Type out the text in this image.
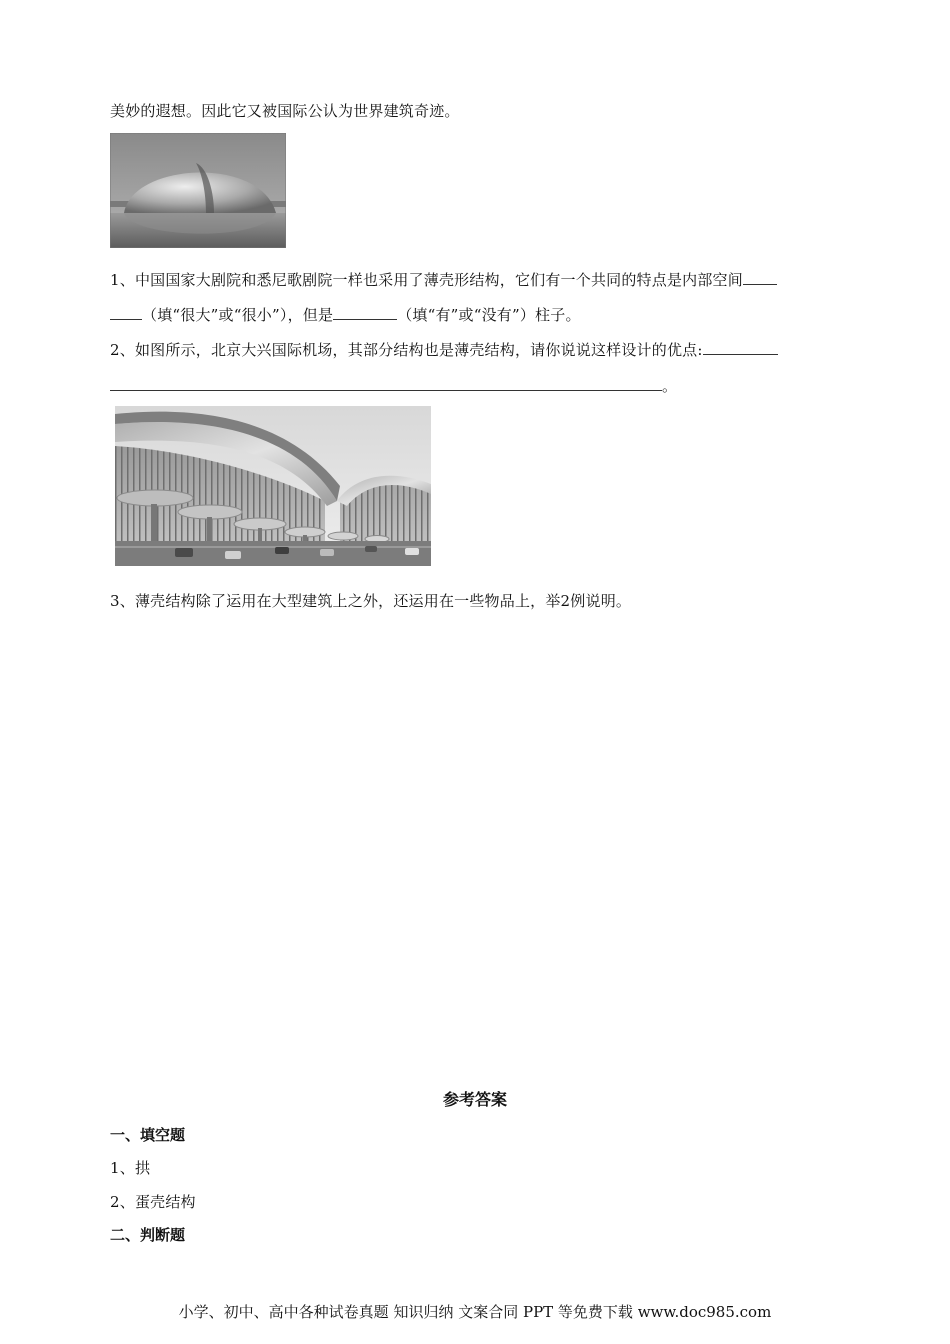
美妙的遐想。因此它又被国际公认为世界建筑奇迹。
1、中国国家大剧院和悉尼歌剧院一样也采用了薄壳形结构，它们有一个共同的特点是内部空间
（填“很大”或“很小”），但是	（填“有”或“没有”）柱子。
2、如图所示，北京大兴国际机场，其部分结构也是薄壳结构，请你说说这样设计的优点:
。
3、薄壳结构除了运用在大型建筑上之外，还运用在一些物品上，举2例说明。
参考答案
一、填空题
1、拱
2、蛋壳结构
二、判断题
小学、初中、高中各种试卷真题 知识归纳 文案合同 PPT 等免费下载 www.doc985.com
